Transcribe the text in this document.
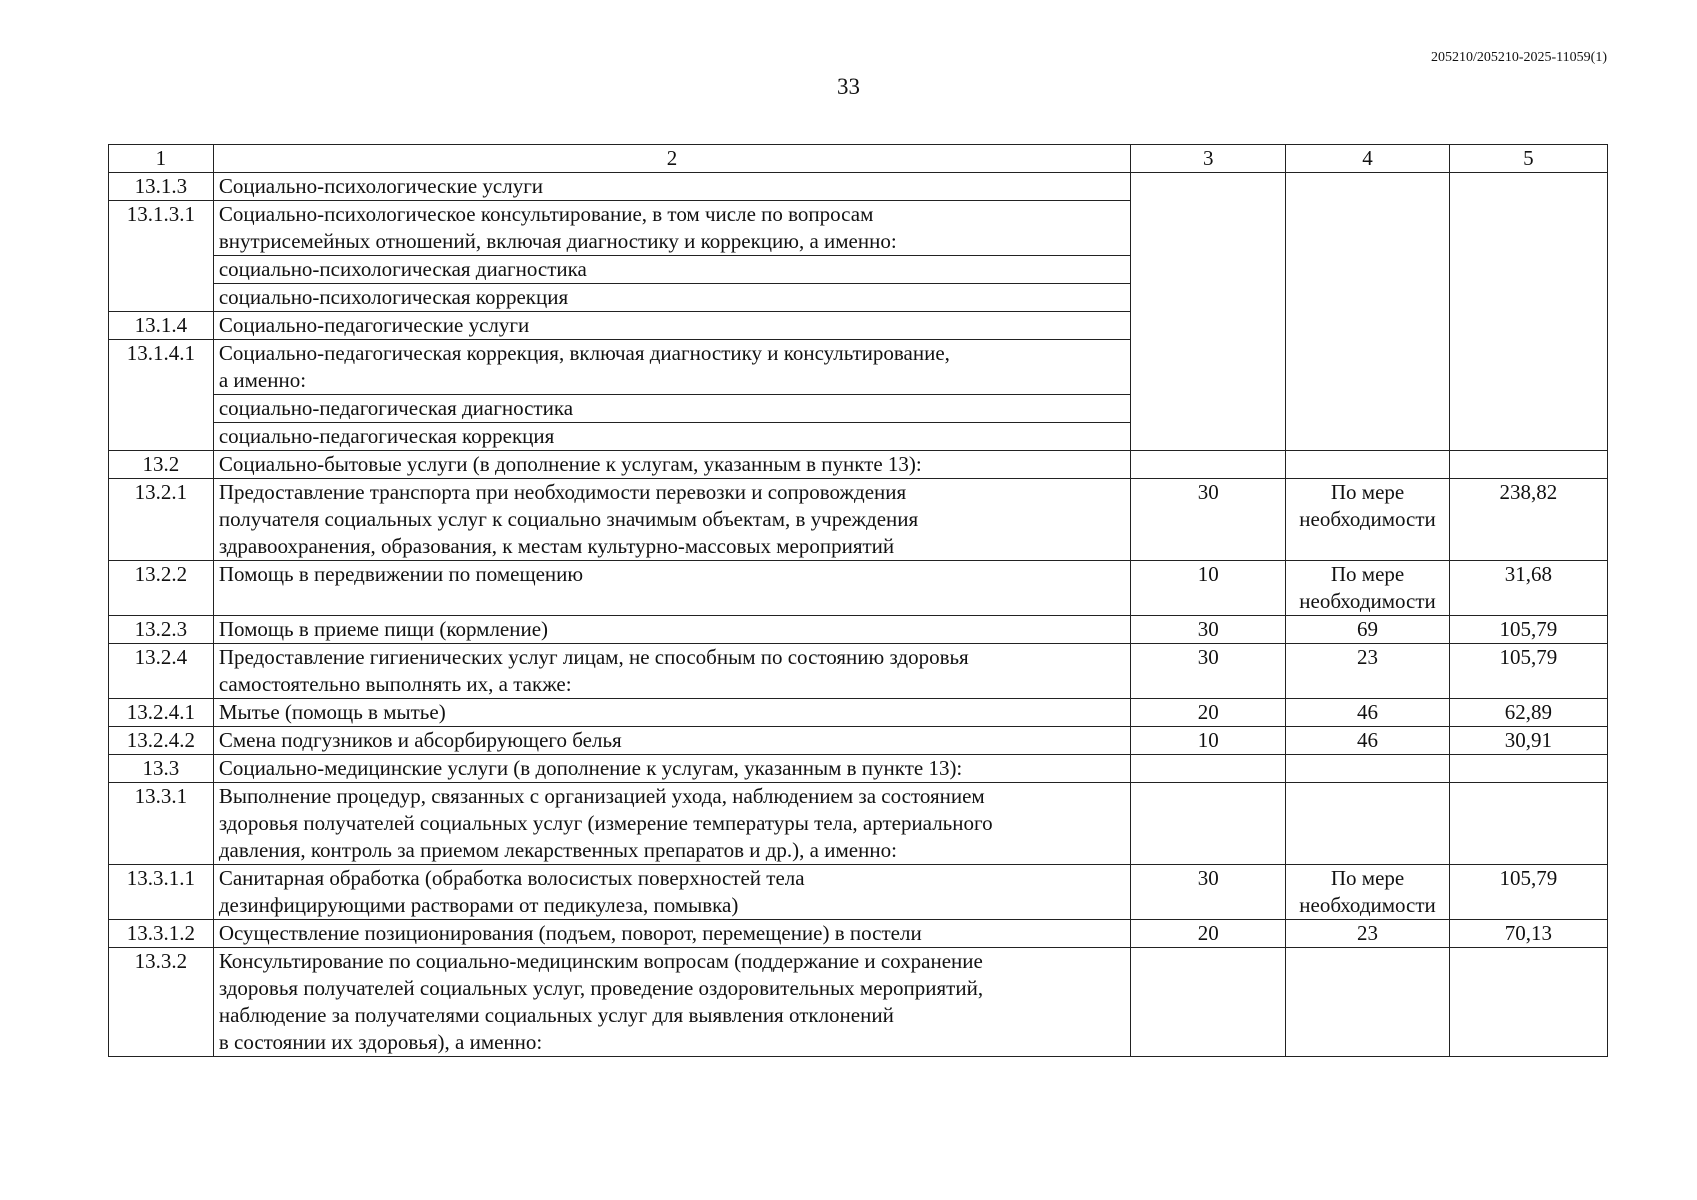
205210/205210-2025-11059(1)
33
1	2	3	4	5
13.1.3	Социально-психологические услуги			
13.1.3.1	Социально-психологическое консультирование, в том числе по вопросам
внутрисемейных отношений, включая диагностику и коррекцию, а именно:			
	социально-психологическая диагностика			
	социально-психологическая коррекция			
13.1.4	Социально-педагогические услуги			
13.1.4.1	Социально-педагогическая коррекция, включая диагностику и консультирование,
а именно:			
	социально-педагогическая диагностика			
	социально-педагогическая коррекция			
13.2	Социально-бытовые услуги (в дополнение к услугам, указанным в пункте 13):		

13.2.1	Предоставление транспорта при необходимости перевозки и сопровождения
получателя социальных услуг к социально значимым объектам, в учреждения
здравоохранения, образования, к местам культурно-массовых мероприятий	30	По мере
необходимости	238,82
13.2.2	Помощь в передвижении по помещению	10	По мере
необходимости	31,68
13.2.3	Помощь в приеме пищи (кормление)	30	69	105,79
13.2.4	Предоставление гигиенических услуг лицам, не способным по состоянию здоровья
самостоятельно выполнять их, а также:	30	23	105,79
13.2.4.1	Мытье (помощь в мытье)	20	46	62,89
13.2.4.2	Смена подгузников и абсорбирующего белья	10	46	30,91
13.3	Социально-медицинские услуги (в дополнение к услугам, указанным в пункте 13):		

13.3.1	Выполнение процедур, связанных с организацией ухода, наблюдением за состоянием
здоровья получателей социальных услуг (измерение температуры тела, артериального
давления, контроль за приемом лекарственных препаратов и др.), а именно:		

13.3.1.1	Санитарная обработка (обработка волосистых поверхностей тела
дезинфицирующими растворами от педикулеза, помывка)	30	По мере
необходимости	105,79
13.3.1.2	Осуществление позиционирования (подъем, поворот, перемещение) в постели	20	23	70,13
13.3.2	Консультирование по социально-медицинским вопросам (поддержание и сохранение
здоровья получателей социальных услуг, проведение оздоровительных мероприятий,
наблюдение за получателями социальных услуг для выявления отклонений
в состоянии их здоровья), а именно:		
